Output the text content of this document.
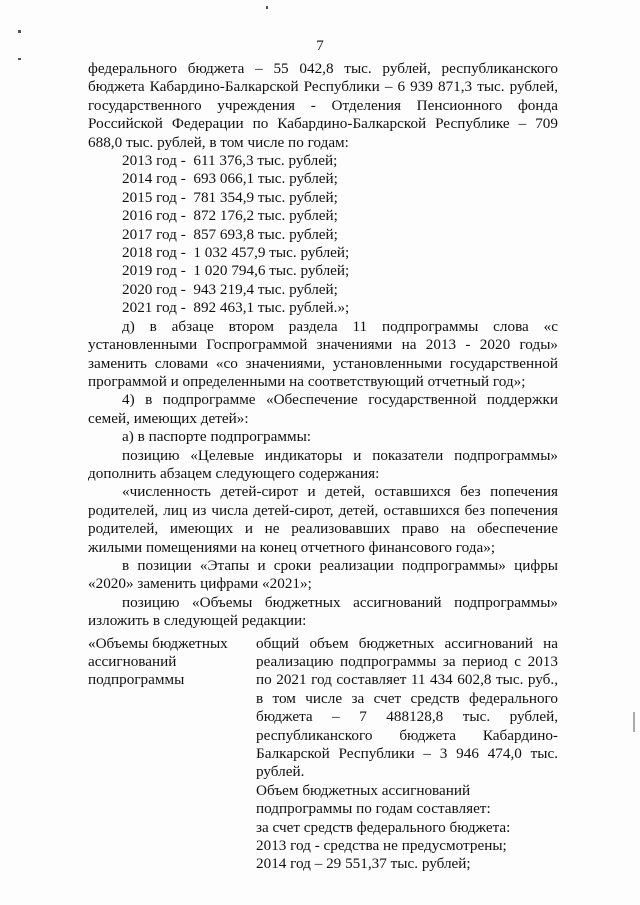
7

федерального бюджета – 55 042,8 тыс. рублей, республиканского бюджета Кабардино-Балкарской Республики – 6 939 871,3 тыс. рублей, государственного учреждения - Отделения Пенсионного фонда Российской Федерации по Кабардино-Балкарской Республике – 709 688,0 тыс. рублей, в том числе по годам:

2013 год -  611 376,3 тыс. рублей;
2014 год -  693 066,1 тыс. рублей;
2015 год -  781 354,9 тыс. рублей;
2016 год -  872 176,2 тыс. рублей;
2017 год -  857 693,8 тыс. рублей;
2018 год -  1 032 457,9 тыс. рублей;
2019 год -  1 020 794,6 тыс. рублей;
2020 год -  943 219,4 тыс. рублей;
2021 год -  892 463,1 тыс. рублей.»;

д) в абзаце втором раздела 11 подпрограммы слова «с установленными Госпрограммой значениями на 2013 - 2020 годы» заменить словами «со значениями, установленными государственной программой и определенными на соответствующий отчетный год»;

4) в подпрограмме «Обеспечение государственной поддержки семей, имеющих детей»:

а) в паспорте подпрограммы:

позицию «Целевые индикаторы и показатели подпрограммы» дополнить абзацем следующего содержания:

«численность детей-сирот и детей, оставшихся без попечения родителей, лиц из числа детей-сирот, детей, оставшихся без попечения родителей, имеющих и не реализовавших право на обеспечение жилыми помещениями на конец отчетного финансового года»;

в позиции «Этапы и сроки реализации подпрограммы» цифры «2020» заменить цифрами «2021»;

позицию «Объемы бюджетных ассигнований подпрограммы» изложить в следующей редакции:

«Объемы бюджетных ассигнований подпрограммы

общий объем бюджетных ассигнований на реализацию подпрограммы за период с 2013 по 2021 год составляет 11 434 602,8 тыс. руб., в том числе за счет средств федерального бюджета – 7 488128,8 тыс. рублей, республиканского бюджета Кабардино-Балкарской Республики – 3 946 474,0 тыс. рублей.

Объем бюджетных ассигнований подпрограммы по годам составляет:

за счет средств федерального бюджета:

2013 год - средства не предусмотрены;

2014 год – 29 551,37 тыс. рублей;
